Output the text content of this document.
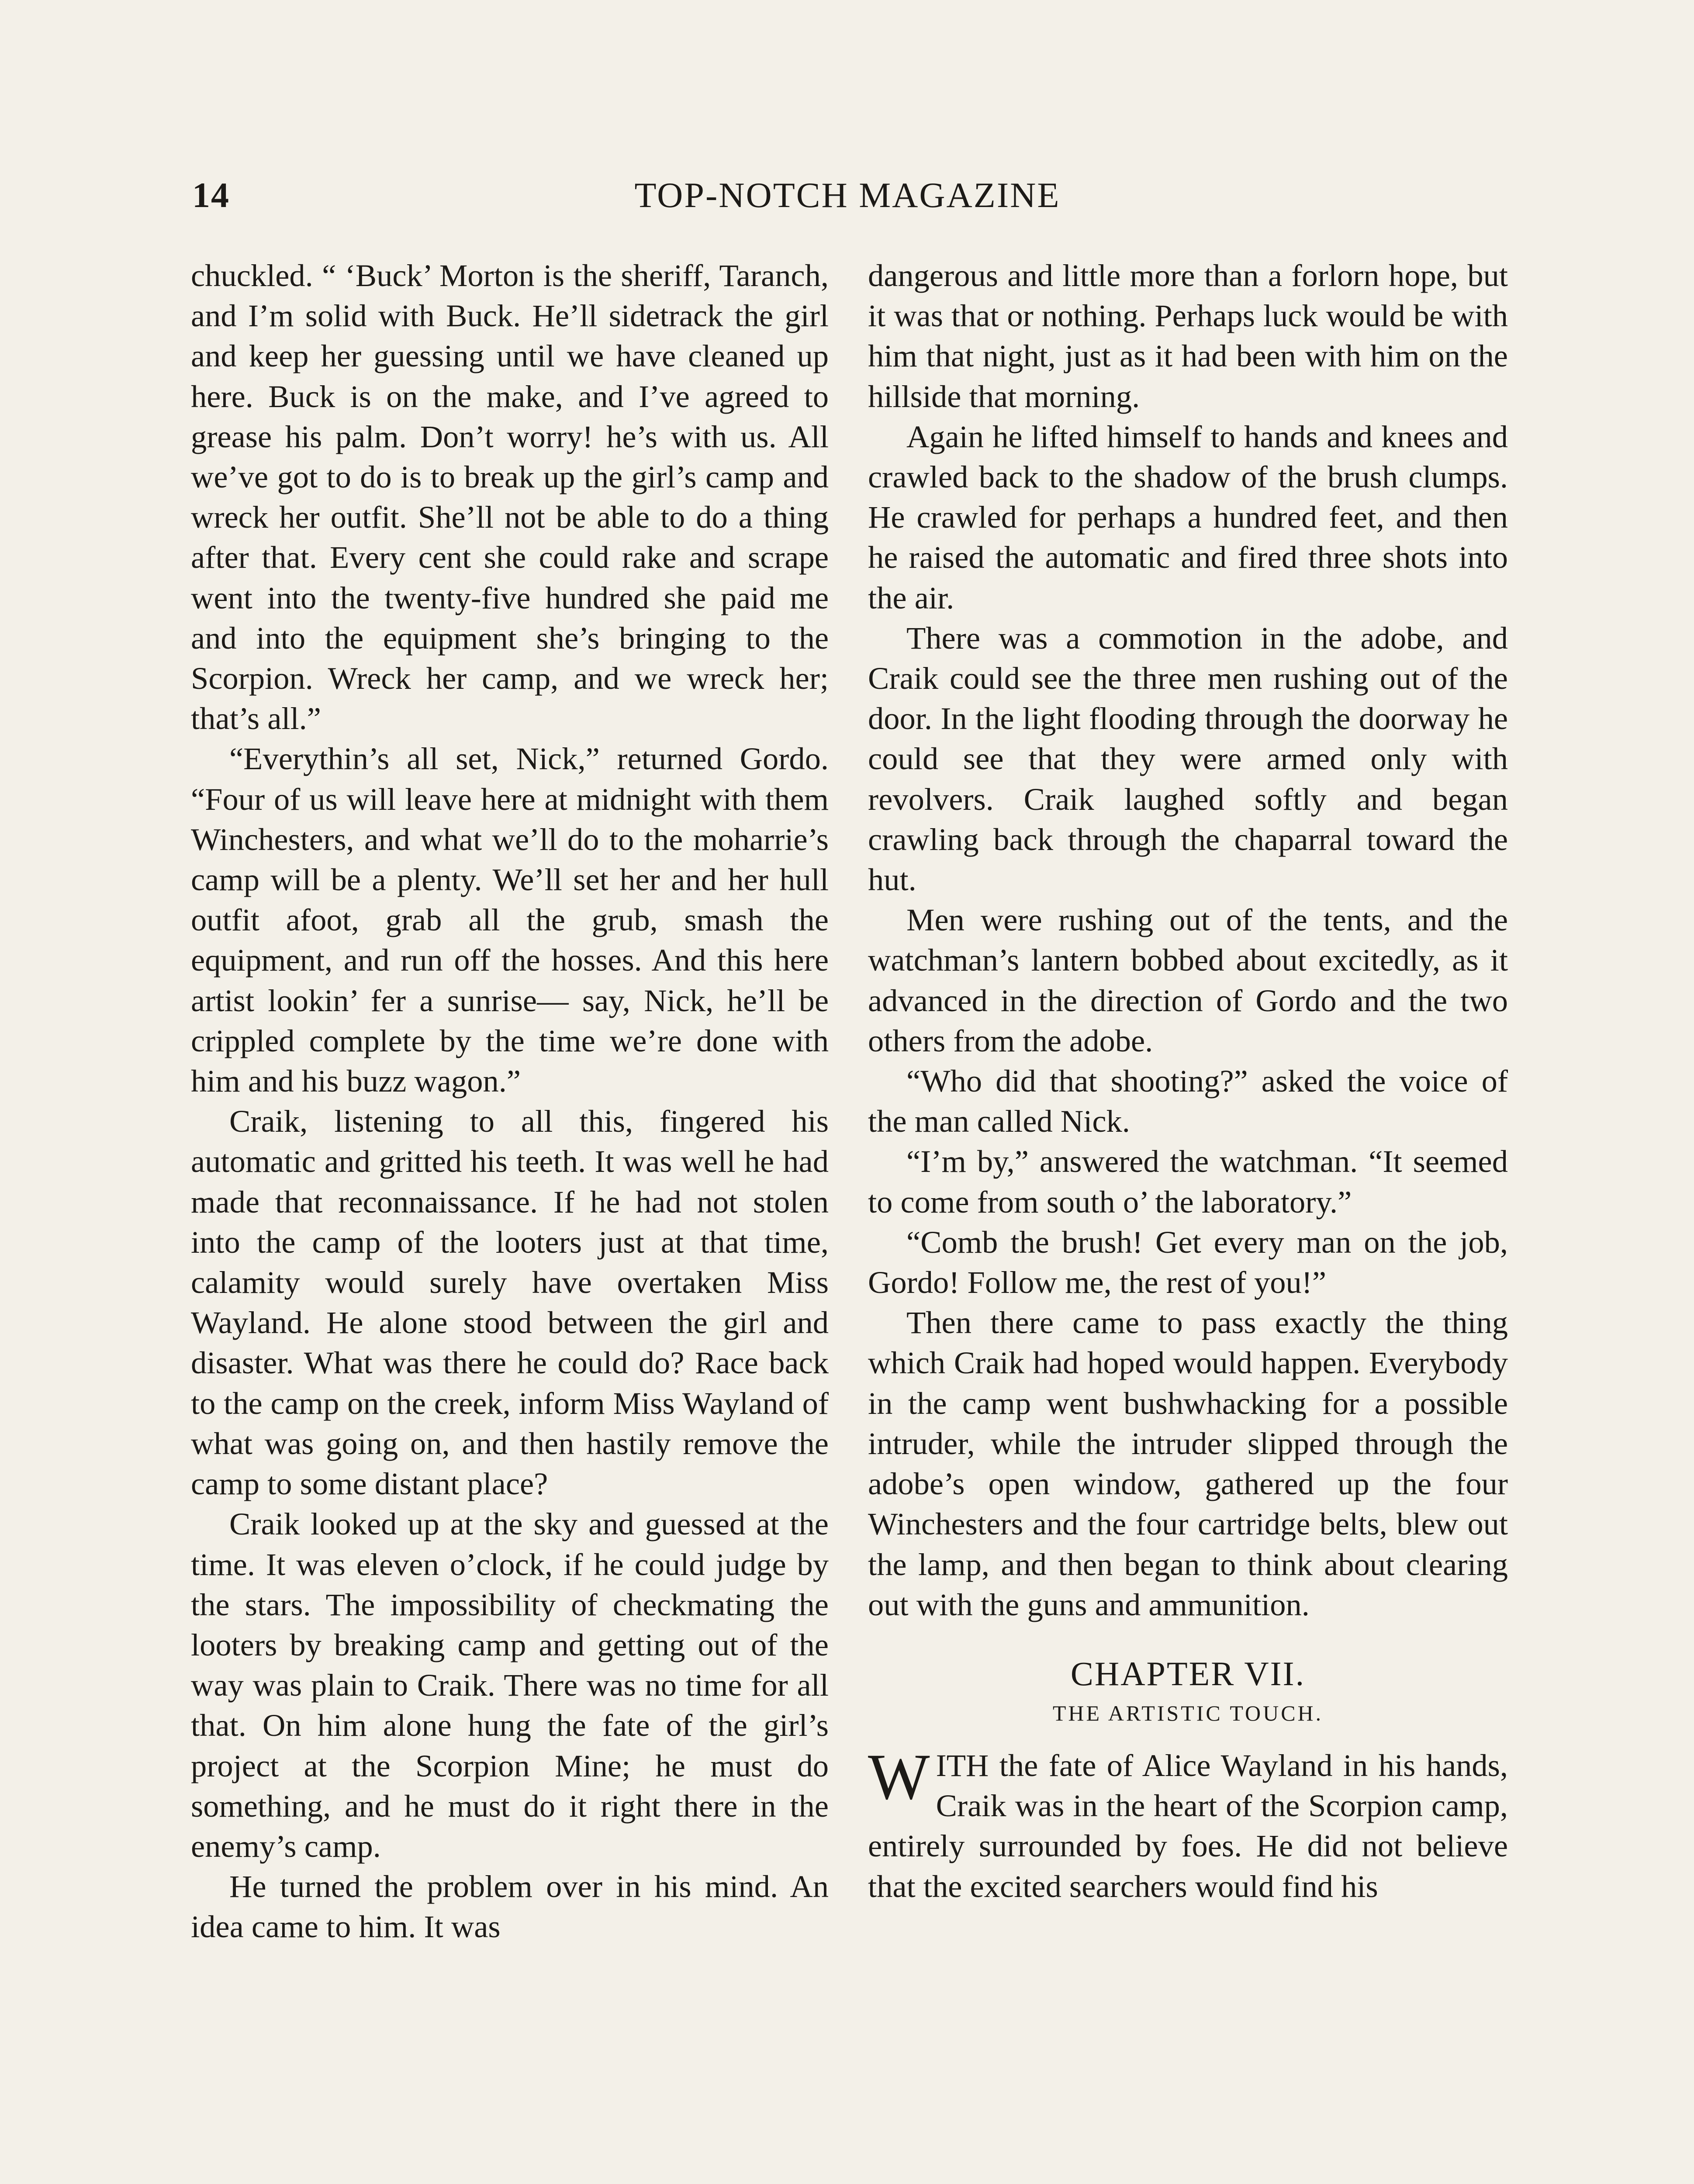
14	TOP-NOTCH MAGAZINE

chuckled. “ ‘Buck’ Morton is the sheriff, Taranch, and I’m solid with Buck. He’ll sidetrack the girl and keep her guessing until we have cleaned up here. Buck is on the make, and I’ve agreed to grease his palm. Don’t worry! he’s with us. All we’ve got to do is to break up the girl’s camp and wreck her outfit. She’ll not be able to do a thing after that. Every cent she could rake and scrape went into the twenty-five hundred she paid me and into the equipment she’s bringing to the Scorpion. Wreck her camp, and we wreck her; that’s all.”

“Everythin’s all set, Nick,” returned Gordo. “Four of us will leave here at midnight with them Winchesters, and what we’ll do to the moharrie’s camp will be a plenty. We’ll set her and her hull outfit afoot, grab all the grub, smash the equipment, and run off the hosses. And this here artist lookin’ fer a sunrise— say, Nick, he’ll be crippled complete by the time we’re done with him and his buzz wagon.”

Craik, listening to all this, fingered his automatic and gritted his teeth. It was well he had made that reconnaissance. If he had not stolen into the camp of the looters just at that time, calamity would surely have overtaken Miss Wayland. He alone stood between the girl and disaster. What was there he could do? Race back to the camp on the creek, inform Miss Wayland of what was going on, and then hastily remove the camp to some distant place?

Craik looked up at the sky and guessed at the time. It was eleven o’clock, if he could judge by the stars. The impossibility of checkmating the looters by breaking camp and getting out of the way was plain to Craik. There was no time for all that. On him alone hung the fate of the girl’s project at the Scorpion Mine; he must do something, and he must do it right there in the enemy’s camp.

He turned the problem over in his mind. An idea came to him. It was

dangerous and little more than a forlorn hope, but it was that or nothing. Perhaps luck would be with him that night, just as it had been with him on the hillside that morning.

Again he lifted himself to hands and knees and crawled back to the shadow of the brush clumps. He crawled for perhaps a hundred feet, and then he raised the automatic and fired three shots into the air.

There was a commotion in the adobe, and Craik could see the three men rushing out of the door. In the light flooding through the doorway he could see that they were armed only with revolvers. Craik laughed softly and began crawling back through the chaparral toward the hut.

Men were rushing out of the tents, and the watchman’s lantern bobbed about excitedly, as it advanced in the direction of Gordo and the two others from the adobe.

“Who did that shooting?” asked the voice of the man called Nick.

“I’m by,” answered the watchman. “It seemed to come from south o’ the laboratory.”

“Comb the brush! Get every man on the job, Gordo! Follow me, the rest of you!”

Then there came to pass exactly the thing which Craik had hoped would happen. Everybody in the camp went bushwhacking for a possible intruder, while the intruder slipped through the adobe’s open window, gathered up the four Winchesters and the four cartridge belts, blew out the lamp, and then began to think about clearing out with the guns and ammunition.

CHAPTER VII.
THE ARTISTIC TOUCH.

WITH the fate of Alice Wayland in his hands, Craik was in the heart of the Scorpion camp, entirely surrounded by foes. He did not believe that the excited searchers would find his
